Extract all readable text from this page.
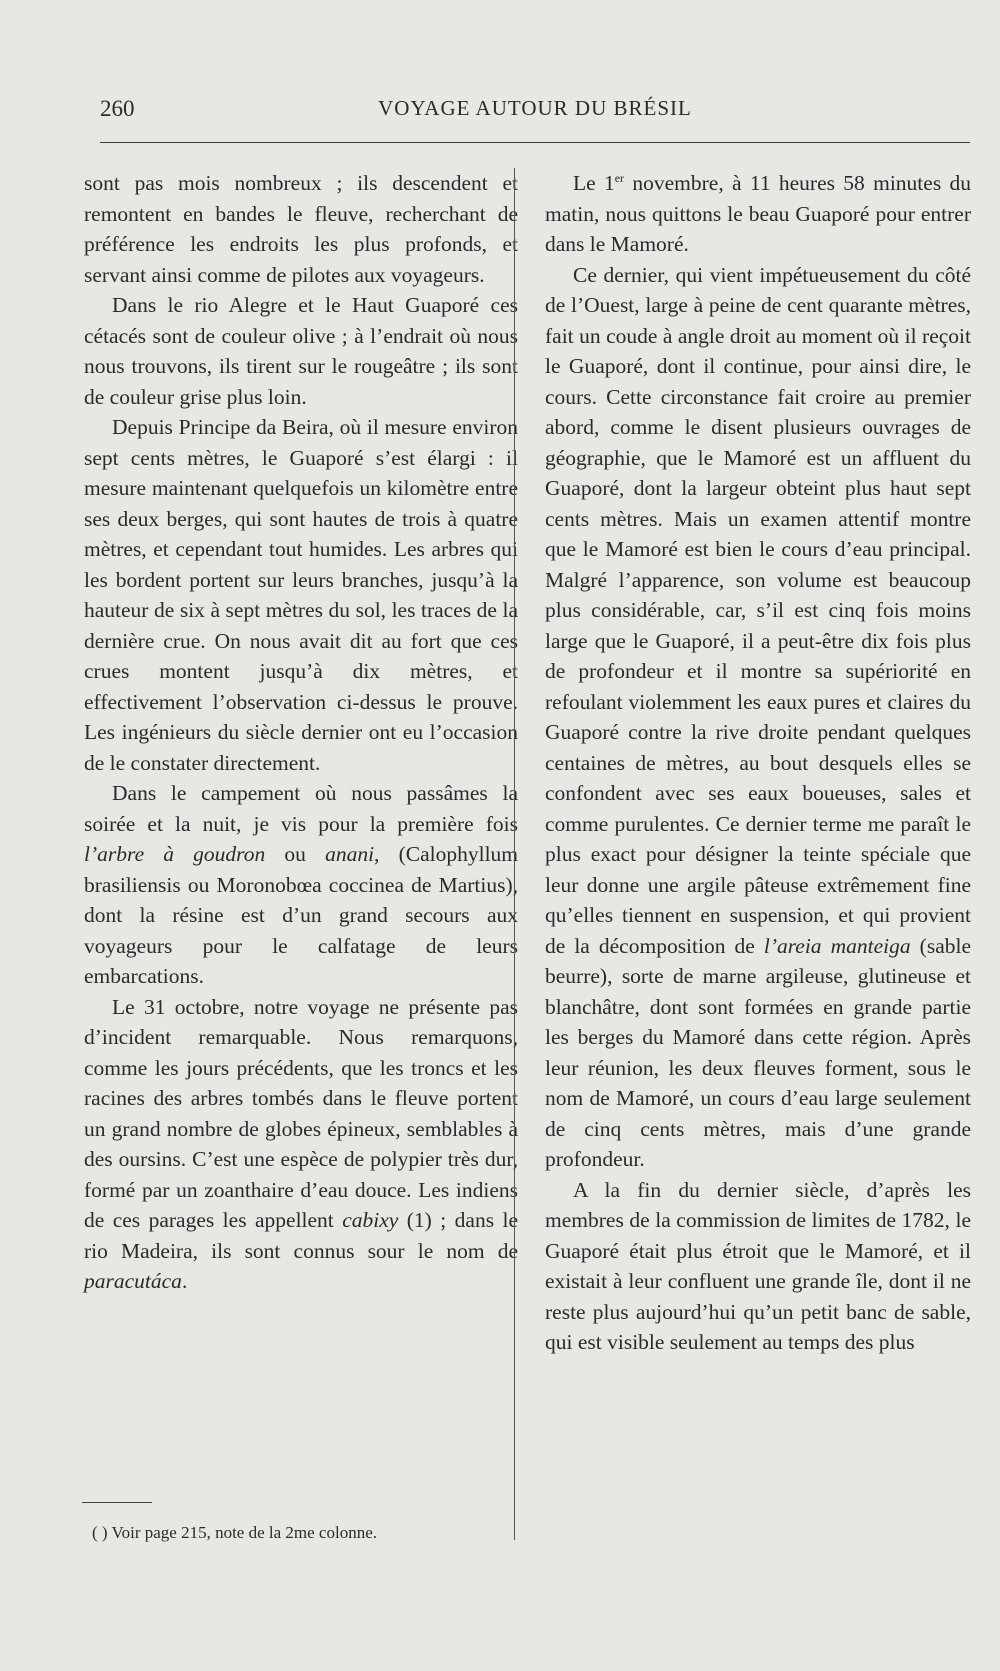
260	VOYAGE AUTOUR DU BRÉSIL

sont pas mois nombreux ; ils descendent et remontent en bandes le fleuve, recherchant de préférence les endroits les plus profonds, et servant ainsi comme de pilotes aux voyageurs.

Dans le rio Alegre et le Haut Guaporé ces cétacés sont de couleur olive ; à l’endrait où nous nous trouvons, ils tirent sur le rougeâtre ; ils sont de couleur grise plus loin.

Depuis Principe da Beira, où il mesure environ sept cents mètres, le Guaporé s’est élargi : il mesure maintenant quelquefois un kilomètre entre ses deux berges, qui sont hautes de trois à quatre mètres, et cependant tout humides. Les arbres qui les bordent portent sur leurs branches, jusqu’à la hauteur de six à sept mètres du sol, les traces de la dernière crue. On nous avait dit au fort que ces crues montent jusqu’à dix mètres, et effectivement l’observation ci-dessus le prouve. Les ingénieurs du siècle dernier ont eu l’occasion de le constater directement.

Dans le campement où nous passâmes la soirée et la nuit, je vis pour la première fois l’arbre à goudron ou anani, (Calophyllum brasiliensis ou Moronobœa coccinea de Martius), dont la résine est d’un grand secours aux voyageurs pour le calfatage de leurs embarcations.

Le 31 octobre, notre voyage ne présente pas d’incident remarquable. Nous remarquons, comme les jours précédents, que les troncs et les racines des arbres tombés dans le fleuve portent un grand nombre de globes épineux, semblables à des oursins. C’est une espèce de polypier très dur, formé par un zoanthaire d’eau douce. Les indiens de ces parages les appellent cabixy (1) ; dans le rio Madeira, ils sont connus sour le nom de paracutáca.

( ) Voir page 215, note de la 2me colonne.

Le 1er novembre, à 11 heures 58 minutes du matin, nous quittons le beau Guaporé pour entrer dans le Mamoré.

Ce dernier, qui vient impétueusement du côté de l’Ouest, large à peine de cent quarante mètres, fait un coude à angle droit au moment où il reçoit le Guaporé, dont il continue, pour ainsi dire, le cours. Cette circonstance fait croire au premier abord, comme le disent plusieurs ouvrages de géographie, que le Mamoré est un affluent du Guaporé, dont la largeur obteint plus haut sept cents mètres. Mais un examen attentif montre que le Mamoré est bien le cours d’eau principal. Malgré l’apparence, son volume est beaucoup plus considérable, car, s’il est cinq fois moins large que le Guaporé, il a peut-être dix fois plus de profondeur et il montre sa supériorité en refoulant violemment les eaux pures et claires du Guaporé contre la rive droite pendant quelques centaines de mètres, au bout desquels elles se confondent avec ses eaux boueuses, sales et comme purulentes. Ce dernier terme me paraît le plus exact pour désigner la teinte spéciale que leur donne une argile pâteuse extrêmement fine qu’elles tiennent en suspension, et qui provient de la décomposition de l’areia manteiga (sable beurre), sorte de marne argileuse, glutineuse et blanchâtre, dont sont formées en grande partie les berges du Mamoré dans cette région. Après leur réunion, les deux fleuves forment, sous le nom de Mamoré, un cours d’eau large seulement de cinq cents mètres, mais d’une grande profondeur.

A la fin du dernier siècle, d’après les membres de la commission de limites de 1782, le Guaporé était plus étroit que le Mamoré, et il existait à leur confluent une grande île, dont il ne reste plus aujourd’hui qu’un petit banc de sable, qui est visible seulement au temps des plus
